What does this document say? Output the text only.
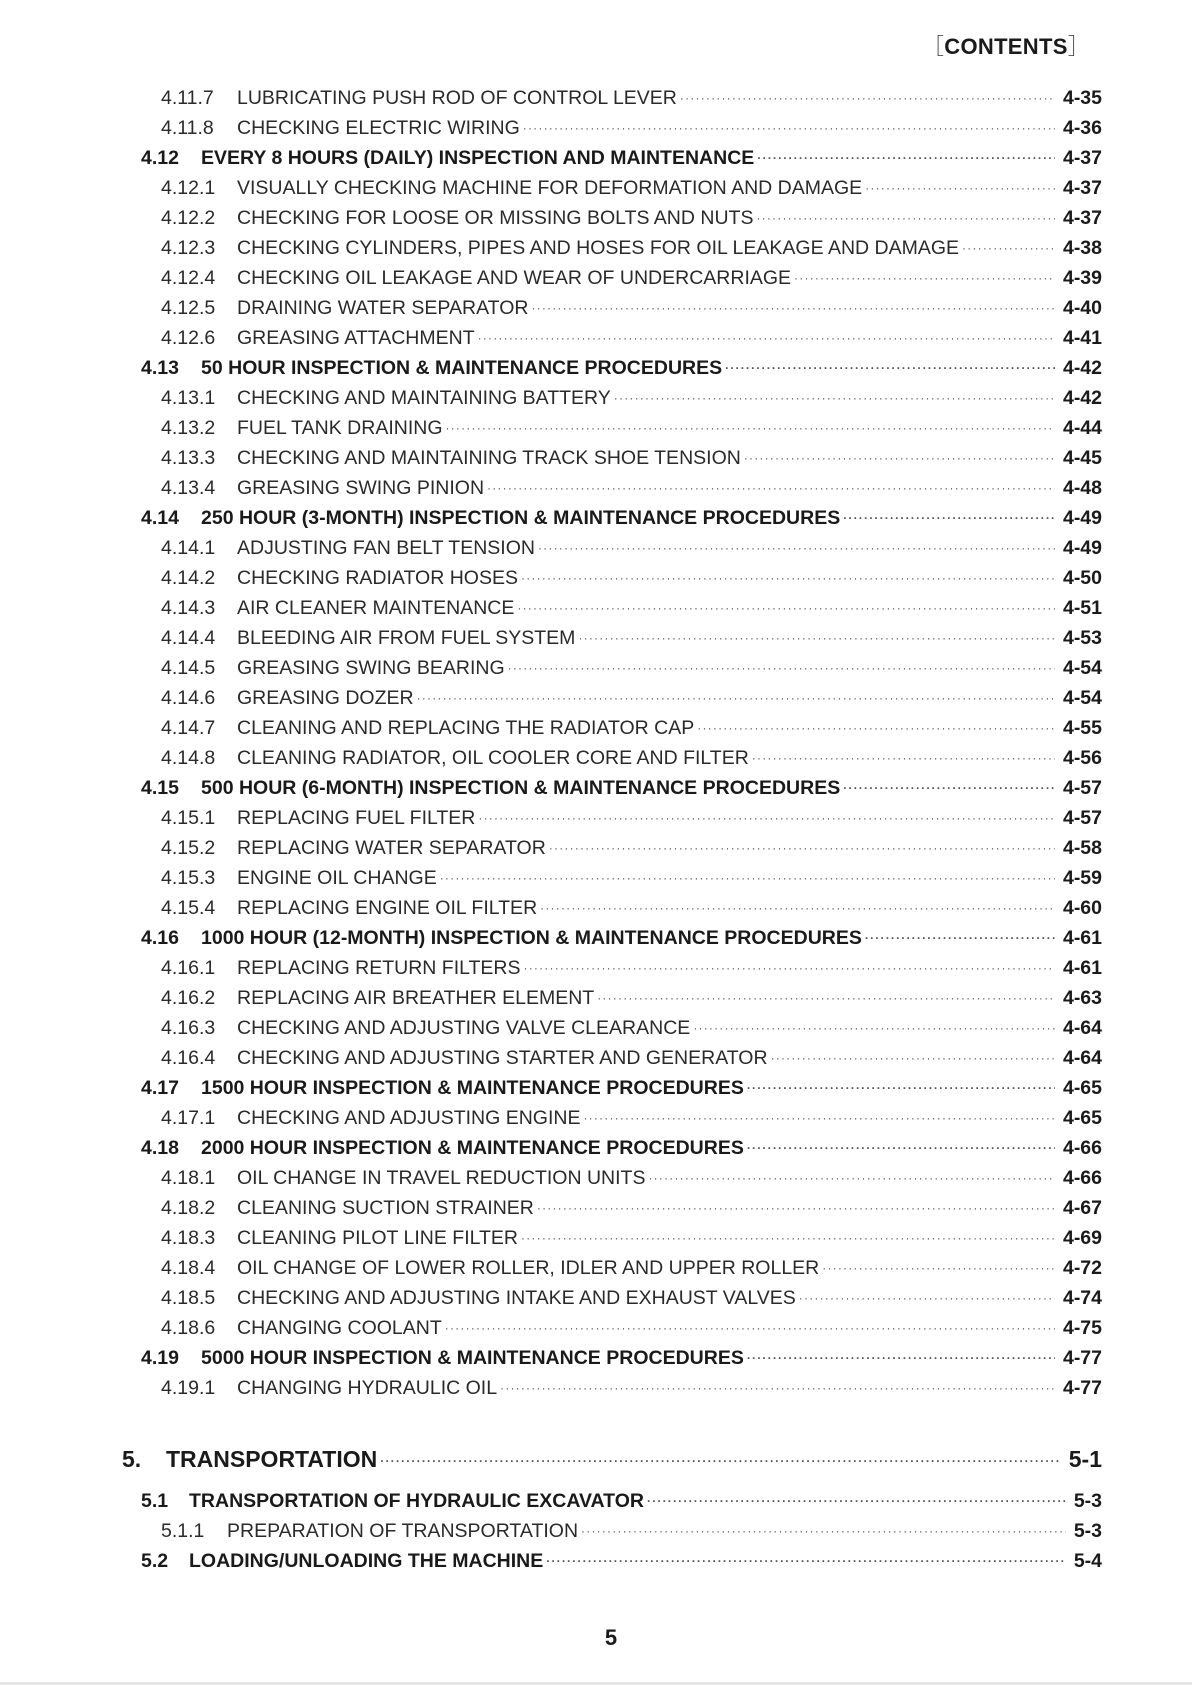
［CONTENTS］
4.11.7	LUBRICATING PUSH ROD OF CONTROL LEVER ·····	4-35
4.11.8	CHECKING ELECTRIC WIRING ·····	4-36
4.12	EVERY 8 HOURS (DAILY) INSPECTION AND MAINTENANCE ·····	4-37
4.12.1	VISUALLY CHECKING MACHINE FOR DEFORMATION AND DAMAGE ·····	4-37
4.12.2	CHECKING FOR LOOSE OR MISSING BOLTS AND NUTS ·····	4-37
4.12.3	CHECKING CYLINDERS, PIPES AND HOSES FOR OIL LEAKAGE AND DAMAGE ·····	4-38
4.12.4	CHECKING OIL LEAKAGE AND WEAR OF UNDERCARRIAGE ·····	4-39
4.12.5	DRAINING WATER SEPARATOR ·····	4-40
4.12.6	GREASING ATTACHMENT ·····	4-41
4.13	50 HOUR INSPECTION & MAINTENANCE PROCEDURES ·····	4-42
4.13.1	CHECKING AND MAINTAINING BATTERY ·····	4-42
4.13.2	FUEL TANK DRAINING ·····	4-44
4.13.3	CHECKING AND MAINTAINING TRACK SHOE TENSION ·····	4-45
4.13.4	GREASING SWING PINION ·····	4-48
4.14	250 HOUR (3-MONTH) INSPECTION & MAINTENANCE PROCEDURES ·····	4-49
4.14.1	ADJUSTING FAN BELT TENSION ·····	4-49
4.14.2	CHECKING RADIATOR HOSES ·····	4-50
4.14.3	AIR CLEANER MAINTENANCE ·····	4-51
4.14.4	BLEEDING AIR FROM FUEL SYSTEM ·····	4-53
4.14.5	GREASING SWING BEARING ·····	4-54
4.14.6	GREASING DOZER ·····	4-54
4.14.7	CLEANING AND REPLACING THE RADIATOR CAP ·····	4-55
4.14.8	CLEANING RADIATOR, OIL COOLER CORE AND FILTER ·····	4-56
4.15	500 HOUR (6-MONTH) INSPECTION & MAINTENANCE PROCEDURES ·····	4-57
4.15.1	REPLACING FUEL FILTER ·····	4-57
4.15.2	REPLACING WATER SEPARATOR ·····	4-58
4.15.3	ENGINE OIL CHANGE ·····	4-59
4.15.4	REPLACING ENGINE OIL FILTER ·····	4-60
4.16	1000 HOUR (12-MONTH) INSPECTION & MAINTENANCE PROCEDURES ·····	4-61
4.16.1	REPLACING RETURN FILTERS ·····	4-61
4.16.2	REPLACING AIR BREATHER ELEMENT ·····	4-63
4.16.3	CHECKING AND ADJUSTING VALVE CLEARANCE ·····	4-64
4.16.4	CHECKING AND ADJUSTING STARTER AND GENERATOR ·····	4-64
4.17	1500 HOUR INSPECTION & MAINTENANCE PROCEDURES ·····	4-65
4.17.1	CHECKING AND ADJUSTING ENGINE ·····	4-65
4.18	2000 HOUR INSPECTION & MAINTENANCE PROCEDURES ·····	4-66
4.18.1	OIL CHANGE IN TRAVEL REDUCTION UNITS ·····	4-66
4.18.2	CLEANING SUCTION STRAINER ·····	4-67
4.18.3	CLEANING PILOT LINE FILTER ·····	4-69
4.18.4	OIL CHANGE OF LOWER ROLLER, IDLER AND UPPER ROLLER ·····	4-72
4.18.5	CHECKING AND ADJUSTING INTAKE AND EXHAUST VALVES ·····	4-74
4.18.6	CHANGING COOLANT ·····	4-75
4.19	5000 HOUR INSPECTION & MAINTENANCE PROCEDURES ·····	4-77
4.19.1	CHANGING HYDRAULIC OIL ·····	4-77
5.	TRANSPORTATION ·····	5-1
5.1	TRANSPORTATION OF HYDRAULIC EXCAVATOR ·····	5-3
5.1.1	PREPARATION OF TRANSPORTATION ·····	5-3
5.2	LOADING/UNLOADING THE MACHINE ·····	5-4
5
